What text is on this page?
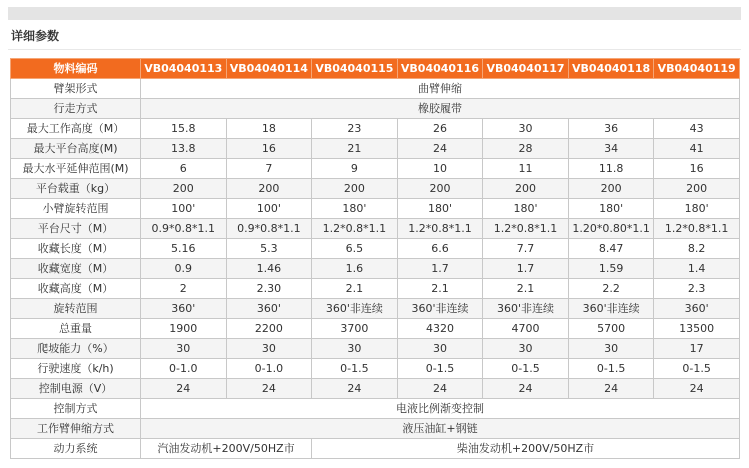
详细参数
物料编码	VB04040113	VB04040114	VB04040115	VB04040116	VB04040117	VB04040118	VB04040119
臂架形式	曲臂伸缩						
行走方式	橡胶履带						
最大工作高度（M）	15.8	18	23	26	30	36	43
最大平台高度(M)	13.8	16	21	24	28	34	41
最大水平延伸范围(M)	6	7	9	10	11	11.8	16
平台载重（kg）	200	200	200	200	200	200	200
小臂旋转范围	100'	100'	180'	180'	180'	180'	180'
平台尺寸（M）	0.9*0.8*1.1	0.9*0.8*1.1	1.2*0.8*1.1	1.2*0.8*1.1	1.2*0.8*1.1	1.20*0.80*1.1	1.2*0.8*1.1
收藏长度（M）	5.16	5.3	6.5	6.6	7.7	8.47	8.2
收藏宽度（M）	0.9	1.46	1.6	1.7	1.7	1.59	1.4
收藏高度（M）	2	2.30	2.1	2.1	2.1	2.2	2.3
旋转范围	360'	360'	360'非连续	360'非连续	360'非连续	360'非连续	360'
总重量	1900	2200	3700	4320	4700	5700	13500
爬坡能力（%）	30	30	30	30	30	30	17
行驶速度（k/h)	0-1.0	0-1.0	0-1.5	0-1.5	0-1.5	0-1.5	0-1.5
控制电源（V）	24	24	24	24	24	24	24
控制方式	电液比例渐变控制						
工作臂伸缩方式	液压油缸+钢链						
动力系统	汽油发动机+200V/50HZ市		柴油发动机+200V/50HZ市				
